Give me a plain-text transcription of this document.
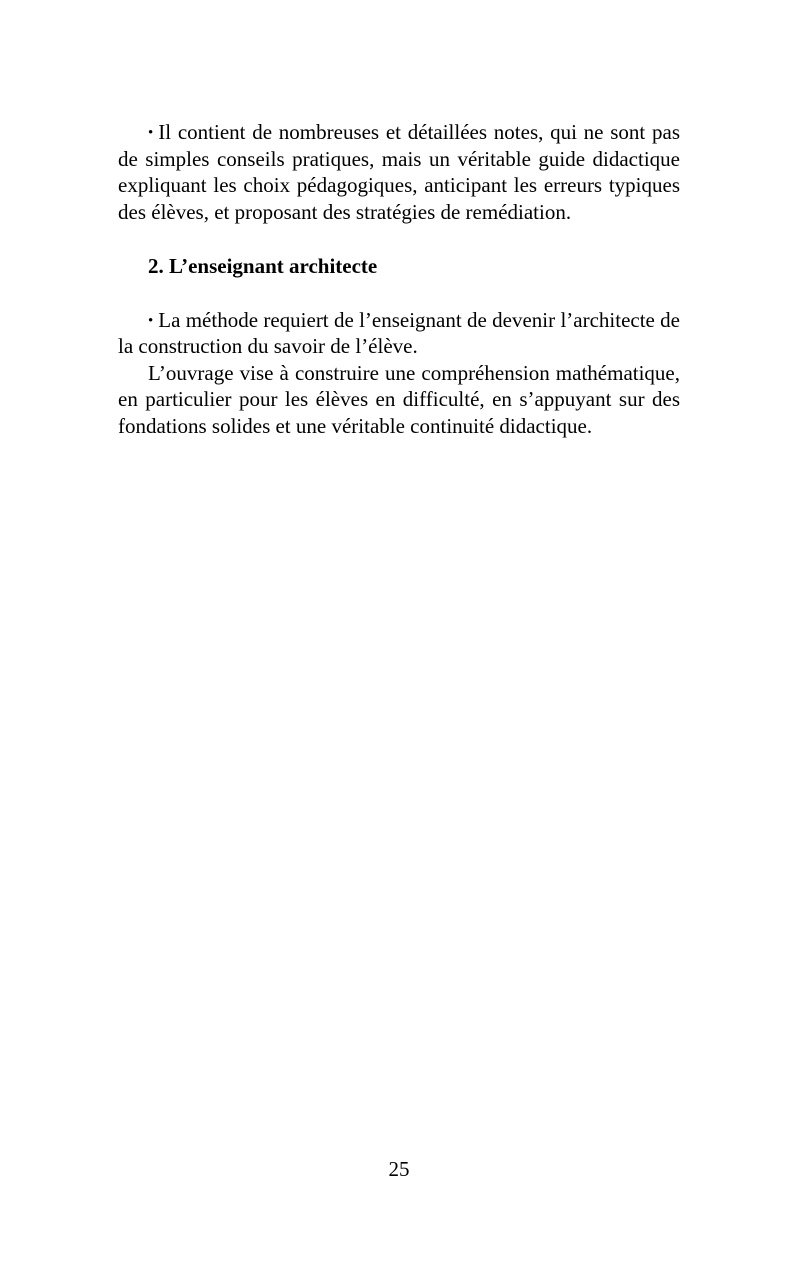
• Il contient de nombreuses et détaillées notes, qui ne sont pas de simples conseils pratiques, mais un véritable guide didactique expliquant les choix pédagogiques, anticipant les erreurs typiques des élèves, et proposant des stratégies de remédiation.

2. L’enseignant architecte

• La méthode requiert de l’enseignant de devenir l’architecte de la construction du savoir de l’élève.

L’ouvrage vise à construire une compréhension mathématique, en particulier pour les élèves en difficulté, en s’appuyant sur des fondations solides et une véritable continuité didactique.

25
